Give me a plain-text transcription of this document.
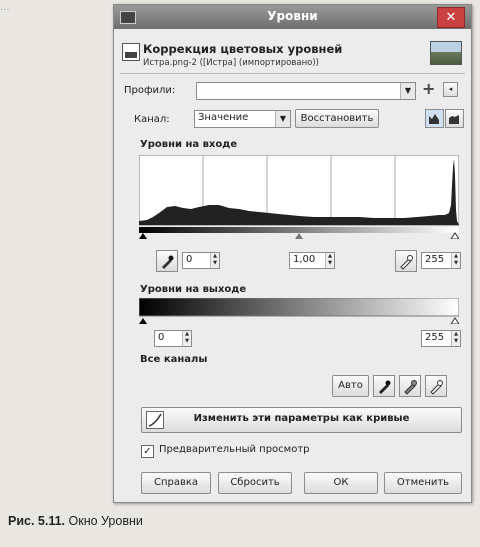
...
Уровни	✕
Коррекция цветовых уровней
Истра.png-2 ([Истра] (импортировано))
Профили:	▼ +	◂
Канал:	Значение	▼	Восстановить
Уровни на входе
0	▲
▼	1,00	▲
▼	255	▲
▼
Уровни на выходе
0	▲
▼	255	▲
▼
Все каналы
Авто
Изменить эти параметры как кривые
✓ Предварительный просмотр
Справка	Сбросить	ОК	Отменить
Рис. 5.11. Окно Уровни
